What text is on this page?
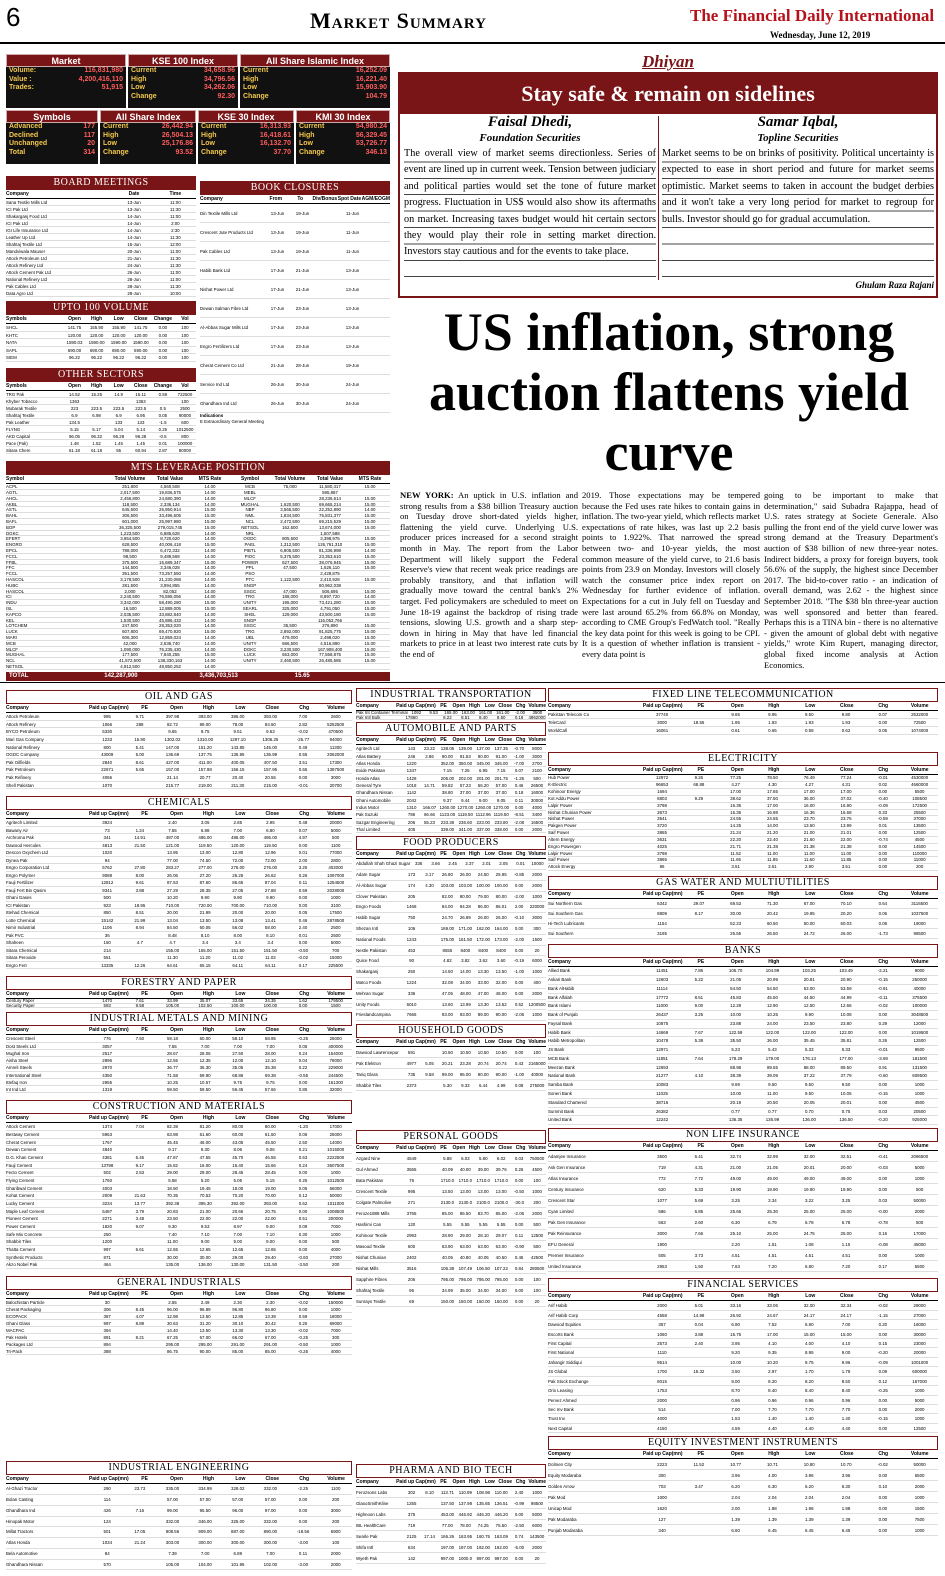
6	Market Summary	The Financial Daily International
Wednesday, June 12, 2019
Market
Volume:	116,831,980
Value :	4,200,416,110
Trades:	51,915
KSE 100 Index
Current	34,658.96
High	34,796.56
Low	34,262.06
Change	92.30
All Share Islamic Index
Current	16,252.09
High	16,221.40
Low	15,903.90
Change	104.79
Symbols
Advanced	177
Declined	117
Unchanged	20
Total	314
All Share Index
Current	26,442.94
High	26,504.13
Low	25,176.86
Change	93.52
KSE 30 Index
Current	16,313.93
High	16,418.61
Low	16,132.70
Change	37.70
KMI 30 Index
Current	54,980.24
High	56,329.45
Low	53,726.77
Change	346.13
BOARD MEETINGS
Company	Date	Time
Sana Textile Mills Ltd	13-Jun	11:00
ICI Pak Ltd	13-Jun	11:30
Shakarganj Food Ltd	14-Jun	11:00
ICI Pak Ltd	14-Jun	2:00
IGI Life Insurance Ltd	14-Jun	2:30
Leather Up Ltd	14-Jun	11:30
Shahtaj Textile Ltd	15-Jun	12:00
Mandviwala Mauser	20-Jun	11:00
Attock Petroleum Ltd	21-Jun	11:30
Attock Refinery Ltd	24-Jun	11:30
Attock Cement Pak Ltd	26-Jun	11:00
National Refinery Ltd	28-Jun	11:00
Pak Cables Ltd	28-Jun	11:30
Data Agro Ltd	28-Jun	10:00
BOOK CLOSURES
Company	From	To	Div/Bonus Spot Date AGM/EOGM
Din Textile Mills Ltd	13-Jun	19-Jun	11-Jun
Crescent Jute Products Ltd	13-Jun	19-Jun	11-Jun
Pak Cables Ltd	13-Jun	19-Jun	11-Jun
Habib Bank Ltd	17-Jun	21-Jun	13-Jun
Nishat Power Ltd	17-Jun	21-Jun	13-Jun
Dewan Salman Fibre Ltd	17-Jun	23-Jun	13-Jun
Al-Abbas Sugar Mills Ltd	17-Jun	23-Jun	13-Jun
Engro Fertilizers Ltd	17-Jun	23-Jun	13-Jun
Cherat Cement Co Ltd	21-Jun	28-Jun	19-Jun
Service Ind Ltd	26-Jun	30-Jun	24-Jun
Ghandhara Ind Ltd	26-Jun	30-Jun	24-Jun
Indications
E Extraordinary General Meeting
UPTO 100 VOLUME
Symbols	Open	High	Low	Close	Change	Vol
SHCL	141.75	155.90	155.90	141.75	0.00	100
KHTC	120.00	120.00	120.00	120.00	0.00	100
NATA	1590.03	1590.00	1590.00	1590.00	0.00	100
SAPL	690.00	690.00	690.00	690.00	0.00	100
SIEM	96.22	96.22	96.22	96.22	0.00	100
OTHER SECTORS
Symbols	Open	High	Low	Close	Change	Vol
TRG Pak	14.52	15.25	14.9	15.11	0.59	722500
Khyber Tobacco	1363	1363	100
Mubarak Textile	223	223.5	223.5	223.5	0.5	2500
Shahtaj Textile	6.9	6.98	6.9	6.95	0.05	90000
Pak Leather	134.5	133	133	-1.5	600
FLYNG	5.15	5.17	5.04	5.14	0.25	1012500
AKD Capital	96.05	96.32	96.28	96.28	-0.5	800
Pace (Pak)	1.48	1.52	1.45	1.45	0.01	100000
Sitara Chem	61.18	61.18	55	60.94	2.87	80000
MTS LEVERAGE POSITION
Symbol	Total Volume	Total Value	MTS Rate	Symbol	Total Volume	Total Value	MTS Rate
ACPL	251,800	4,560,508	14.00	MCB	75,000	11,580,317	15.00
AGTL	2,017,500	19,836,575	14.00	MEBL	595,887
AHCL	2,456,800	24,680,390	14.00	MLCF	28,236,614	15.00
AKBL	118,500	2,336,134	14.00	MUGHAL	1,620,500	69,665,214	15.00
ASTL	645,500	26,950,914	15.00	NBP	3,565,500	22,252,890	14.00
BAHL	306,500	33,496,605	15.00	NML	1,834,500	75,831,377	15.00
BAFL	601,000	25,997,980	15.00	NCL	2,472,500	69,215,529	15.00
BOP	36,325,500	279,015,745	15.00	NETSOL	162,500	13,674,000	15.00
DGKC	1,223,500	6,885,628	14.00	NRL	1,507,588
EFERT	3,954,500	8,720,620	14.00	OGDC	805,500	3,398,975	15.00
ENGRO	628,500	40,006,418	15.00	PAEL	1,312,500	126,761,310	15.00
EPCL	788,000	6,472,332	14.00	PIBTL	6,905,500	81,336,998	14.00
FCCL	98,500	9,489,569	14.00	PIOC	5,375,500	23,353,610	15.00
FFBL	375,500	15,689,347	15.00	POWER	627,500	38,076,945	15.00
FFC	144,500	3,346,028	14.00	PPL	47,500	1,626,110	15.00
FCCL	351,500	73,257,550	14.00	PSO	2,428,875
HASCOL	3,178,500	21,230,088	14.00	PTC	1,122,500	2,410,928	15.00
HUBC	281,500	3,994,855	14.00	SNGP	80,962,038
HASCOL	2,000	82,052	14.00	SSGC	47,000	506,695	15.00
ICI	2,240,500	76,595,056	14.00	TRG	188,000	8,897,720	14.00
INDU	3,342,000	58,490,280	15.00	UNITY	195,000	73,421,280	15.00
ISL	16,500	12,889,005	15.00	SEARL	325,000	4,791,050	15.00
KAPCO	2,035,500	33,882,840	14.00	SHEL	129,000	43,500,180	15.00
KEL	1,530,500	45,886,433	14.00	SNGP	116,053,766
LOTCHEM	247,500	28,353,020	14.00	SSGC	35,500	276,890	15.00
LUCK	607,800	69,470,920	15.00	TRG	2,892,000	91,825,775	15.00
MARI	606,300	12,859,024	14.00	UBL	479,000	2,498,020	15.00
MCB	42,000	2,536,740	14.00	UNITY	686,500	4,516,890	15.00
MLCF	1,090,000	76,235,430	14.00	DGKC	3,230,500	167,908,400	15.00
MUGHAL	177,500	7,840,255	15.00	LUCK	653,000	77,558,875	15.00
NCL	41,572,500	138,330,163	14.00	UNITY	2,460,500	26,485,585	15.00
NETSOL	4,912,500	48,850,252	14.00
TOTAL	142,287,900	3,436,703,513	15.65
Dhiyan
Stay safe & remain on sidelines
Faisal Dhedi,
Foundation Securities
The overall view of market seems directionless. Series of event are lined up in current week. Tension between judiciary and political parties would set the tone of future market progress. Fluctuation in US$ would also show its aftermaths on market. Increasing taxes budget would hit certain sectors they would play their role in setting market direction. Investors stay cautious and for the events to take place.
Samar Iqbal,
Topline Securities
Market seems to be on brinks of positivity. Political uncertainty is expected to ease in short period and future for market seems optimistic. Market seems to taken in account the budget derbies and it won't take a very long period for market to regroup for bulls. Investor should go for gradual accumulation.
Ghulam Raza Rajani
US inflation, strong auction flattens yield curve
NEW YORK: An uptick in U.S. inflation and strong results from a $38 billion Treasury auction on Tuesday drove short-dated yields higher, flattening the yield curve. Underlying U.S. producer prices increased for a second straight month in May. The report from the Labor Department will likely support the Federal Reserve's view that recent weak price readings are probably transitory, and that inflation will gradually move toward the central bank's 2% target. Fed policymakers are scheduled to meet on June 18-19 against the backdrop of rising trade tensions, slowing U.S. growth and a sharp step-down in hiring in May that have led financial markets to price in at least two interest rate cuts by the end of
2019. Those expectations may be tempered because the Fed uses rate hikes to contain gains in inflation. The two-year yield, which reflects market expectations of rate hikes, was last up 2.2 basis points to 1.922%. That narrowed the spread between two- and 10-year yields, the most common measure of the yield curve, to 21.6 basis points from 23.9 on Monday. Investors will closely watch the consumer price index report on Wednesday for further evidence of inflation. Expectations for a cut in July fell on Tuesday and were last around 65.2% from 66.8% on Monday, according to CME Group's FedWatch tool. "Really the key data point for this week is going to be CPI. It is a question of whether inflation is transient - every data point is
going to be important to make that determination," said Subadra Rajappa, head of U.S. rates strategy at Societe Generale. Also pulling the front end of the yield curve lower was strong demand at the Treasury Department's auction of $38 billion of new three-year notes. Indirect bidders, a proxy for foreign buyers, took 56.6% of the supply, the highest since December 2017. The bid-to-cover ratio - an indication of overall demand, was 2.62 - the highest since September 2018. "The $38 bln three-year auction was well sponsored and better than feared. Perhaps this is a TINA bin - there is no alternative - given the amount of global debt with negative yields," wrote Kim Rupert, managing director, global fixed income analysis at Action Economics.
OIL AND GAS
Company	Paid up Cap(mn)	PE	Open	High	Low	Close	Chg	Volume
Attock Petroleum	995	9.71	397.98	393.00	386.00	393.00	7.00	2600
Attock Refinery	1066	288	82.72	89.00	78.00	84.50	2.82	5252500
BYCO Petroleum	5330	9.65	9.75	9.51	9.63	-0.02	470500
Mari Gas Company	1233	15.90	1302.02	1310.00	1297.10	1306.25	-25.77	94000
National Refinery	800	5.41	147.00	151.20	143.85	145.00	0.49	11300
OGDC Company	43009	5.00	136.69	137.75	135.95	136.99	0.55	2062000
Pak Oilfields	2840	8.61	427.00	411.00	400.05	407.50	3.51	17300
Pak Petroleum	22671	5.65	157.00	157.98	156.15	157.95	0.65	1387500
Pak Refinery	4066	21.14	20.77	20.40	20.55	0.00	3000
Shell Pakistan	1070	215.77	219.00	211.30	215.00	-0.01	20700
CHEMICALS
Company	Paid up Cap(mn)	PE	Open	High	Low	Close	Chg	Volume
Agritech Limited	3924	2.40	3.05	2.85	2.95	0.48	20000
Bawany Air	73	1.24	7.55	6.88	7.00	6.80	0.07	5000
Archroma Pak	341	14.91	487.00	486.00	486.00	486.00	4.97	500
Dawood Hercules	4813	21.50	121.00	119.50	120.00	119.50	0.00	1100
Descon Oxychem Ltd	1020	13.95	13.00	12.80	12.96	0.01	77000
Dynea Pak	94	77.00	74.50	72.00	72.00	2.00	2800
Engro Corporation Ltd	5762	27.80	283.27	277.00	276.00	276.00	3.25	402000
Engro Polymer	9088	8.00	26.06	27.20	26.25	26.62	0.26	1097000
Fauji Fertilizer	12812	9.61	87.53	87.60	86.65	87.04	0.11	1254500
Fauji Fert Bin Qasim	9341	3.88	27.29	28.35	27.05	27.88	0.59	2028000
Ghani Gases	500	10.20	9.90	9.90	9.90	0.00	1000
ICI Pakistan	923	18.95	710.00	720.00	700.00	710.00	0.00	3100
Ittehad Chemical	850	8.51	20.00	21.99	20.00	20.00	0.05	17500
Lotte Chemical	15142	21.99	13.04	13.50	13.08	13.41	0.46	2878500
Nimir Industrial	1106	8.94	84.50	60.05	56.02	58.00	2.40	2500
Pak PVC	36	8.48	8.10	8.00	8.10	0.01	2500
Shaheen	150	4.7	4.7	3.4	3.4	3.4	0.00	5000
Sitara Chemical	214	155.00	155.00	151.50	151.50	-0.50	700
Sitara Peroxide	551	11.30	11.20	11.02	11.02	-0.02	15000
Engro Fert	13335	12.26	64.61	65.15	64.11	64.11	0.17	225500
FORESTRY AND PAPER
Company	Paid up Cap(mn)	PE	Open	High	Low	Close	Chg	Volume
Century Paper	1470	7.61	33.99	35.07	33.65	34.35	1.62	179500
Security Paper	593	9.58	105.00	102.50	100.00	100.00	0.00	1500
INDUSTRIAL METALS AND MINING
Company	Paid up Cap(mn)	PE	Open	High	Low	Close	Chg	Volume
Crescent Steel	776	7.50	59.18	60.00	58.10	58.95	-0.25	25000
Dost Steels Ltd	3057	7.55	7.00	7.00	7.00	0.05	400000
Mughal Iron	2517	28.67	28.06	27.50	28.00	0.24	154000
Aisha Steel	2896	12.55	12.35	12.00	12.10	0.04	78000
Amreli Steels	2970	36.77	36.30	35.05	35.38	0.22	229000
International Steel	4350	71.58	69.90	68.86	69.38	-0.55	244500
Ittefaq Iron	2955	10.25	10.57	9.75	9.75	0.00	161300
Int Ind Ltd	1319	59.50	59.50	56.45	57.66	0.85	32000
CONSTRUCTION AND MATERIALS
Company	Paid up Cap(mn)	PE	Open	High	Low	Close	Chg	Volume
Attock Cement	1374	7.04	82.39	81.20	80.00	80.00	-1.20	17000
Bestway Cement	5963	63.98	61.60	60.00	61.50	0.06	25000
Cherat Cement	1767	45.45	46.00	43.05	45.50	2.50	14000
Dewan Cement	4840	9.17	9.30	8.06	9.06	0.21	1015000
D.G. Khan Cement	4381	6.45	47.87	47.55	45.70	46.55	0.63	2222500
Fauji Cement	13798	9.17	15.82	16.00	15.40	15.66	0.24	3607500
Fecto Cement	502	2.53	29.00	29.00	28.45	28.45	0.00	1000
Flying Cement	1760	5.58	5.20	5.05	5.15	0.25	1012500
Gharibwal Cement	4003	18.50	19.45	18.00	19.00	0.05	66000
Kohat Cement	2009	21.63	70.35	70.53	70.20	70.00	0.12	50000
Lucky Cement	3234	13.77	392.38	395.30	392.00	393.00	0.62	1011000
Maple Leaf Cement	5487	3.79	20.83	21.00	20.66	20.75	0.00	1008500
Pioneer Cement	2271	3.48	23.50	22.00	22.00	22.00	0.51	200000
Power Cement	1820	9.07	9.30	9.53	8.97	9.00	0.09	7000
Safe Mix Concrete	250	7.40	7.10	7.00	7.10	0.30	1000
Shabbir Tiles	1200	11.00	9.00	9.00	9.00	0.00	500
Thatta Cement	997	6.61	12.65	12.65	12.65	12.65	0.00	4000
Synthetic Products	871	30.00	30.00	29.00	29.40	-0.60	27000
Akzo Nobel Pak	464	135.00	136.00	130.00	131.50	-3.50	200
GENERAL INDUSTRIALS
Company	Paid up Cap(mn)	PE	Open	High	Low	Close	Chg	Volume
Balochistan Particle	30	2.55	2.49	2.30	2.30	-0.02	150000
Cherat Packaging	306	8.45	96.00	96.89	96.80	96.80	0.00	1000
ECOPACK	387	4.07	12.98	13.50	12.85	13.39	0.59	18000
Ghani Glass	997	8.89	30.63	31.20	30.10	30.42	0.25	69000
MACPAC	394	14.40	13.50	13.30	13.30	-0.02	7000
Pak Hotels	891	8.21	67.25	67.00	66.02	67.00	-0.25	300
Packages Ltd	894	295.00	295.00	291.00	291.00	-0.50	1000
Tri-Pack	388	86.75	90.00	85.00	85.00	-0.25	4000
INDUSTRIAL ENGINEERING
Company	Paid up Cap(mn)	PE	Open	High	Low	Close	Chg	Volume
Al-Ghazi Tractor	290	23.73	335.00	334.99	328.02	332.00	-2.25	1100
Bolan Casting	114	57.00	57.00	57.00	57.00	0.00	200
Ghandhara Ind	426	7.16	99.00	95.50	96.00	97.00	0.00	3000
Hinopak Motor	124	332.00	346.00	325.00	332.00	0.00	200
Millat Tractors	501	17.05	908.56	909.00	887.00	890.00	-18.56	6900
Atlas Honda	1034	21.24	303.00	300.00	300.00	300.00	-3.00	100
Bela Automotive	84	7.39	7.00	6.89	7.00	0.11	2000
Ghandhara Nissan	570	105.00	104.00	101.95	102.00	-3.00	2000
INDUSTRIAL TRANSPORTATION
Company	Paid up Cap(mn) PE	Open High Low Close Chg Volume
Pak Int Container Terminal 1092	9.53	165.00 163.00 161.00 161.00	-2.00	3500
Pak Intl Bulk	17860	8.22	8.51	8.40	8.50	0.18	4962000
AUTOMOBILE AND PARTS
Company	Paid up Cap(mn) PE	Open High Low Close Chg Volume
Agritech Ltd	143	23.22	138.05	139.00	137.00	137.35	-0.70	8000
Atlas Battery	246	2.86	90.00	91.53	90.00	91.00	-1.00	3000
Atlas Honda	1220	352.00	350.00	345.00	345.00	-7.00	2700
Exide Pakistan	1347	7.15	7.25	6.95	7.15	0.07	2100
Honda Atlas	1428	205.00	202.00	201.00	201.75	-1.25	500
General Tyre	1018	14.71	59.82	57.23	56.20	57.00	0.46	26500
Ghandhara Nissan	1142	38.80	37.00	37.00	37.00	0.18	16000
Ghani Automobile	2042	9.37	9.44	9.00	9.05	0.11	30000
Indus Motor	1310	166.07 1260.00 1270.00 1260.00 1270.00	0.00	4000
Pak Suzuki	786	66.66	1123.00 1119.50 1112.96 1119.50	-8.51	3400
Sazgar Engineering	206	55.23	233.38	236.60	223.00	233.80	-2.08	16500
Thal Limited	405	339.00	341.00	337.00	338.00	0.00	2000
FOOD PRODUCERS
Company	Paid up Cap(mn) PE	Open High Low Close Chg Volume
Abdullah Shah Ghazi Sugar	336	3.66	2.45	2.37	2.01	2.05	0.01	10000
Adam Sugar	173	3.17	26.80	26.00	24.50	25.95	-0.85	2000
Al-Abbas Sugar	174	4.30	103.00	103.00	100.00	100.00	0.00	2000
Clover Pakistan	205	82.00	80.00	79.00	80.00	-2.00	1000
Engro Foods	1468	84.00	84.28	86.00	86.01	2.00	220000
Habib Sugar	750	24.70	26.99	26.00	26.00	-0.10	3000
Shezan Intl	106	169.00	171.00	162.00	164.00	0.00	300
National Foods	1243	175.00	161.50	172.00	173.00	-2.00	1500
Nestle Pakistan	453	8555	8400	8400	8400	0.00	20
Quice Food	90	4.82	3.82	3.62	3.60	-0.19	6000
Shakarganj	250	14.50	14.00	13.30	13.50	-1.00	1000
Matco Foods	1224	32.08	34.00	33.00	32.00	0.00	400
Mehran Sugar	336	47.05	48.00	47.00	48.00	0.00	2000
Unity Foods	6010	13.60	13.99	13.30	13.52	0.52	1200500
Frieslandcampina	7666	93.00	93.00	89.00	90.00	-2.06	1000
HOUSEHOLD GOODS
Company	Paid up Cap(mn) PE	Open High Low Close Chg Volume
Dawood Lawrencepur	591	10.50	10.50	10.50	10.50	0.00	100
Pak Elektron	4977	5.05	20.21	23.28	20.74	20.74	0.43	2165000
Tariq Glass	735	9.58	99.00	95.00	90.00	90.00	-1.00	40000
Shabbir Tiles	2373	5.30	9.33	6.44	4.99	0.08	275000
PERSONAL GOODS
Company	Paid up Cap(mn) PE	Open High Low Close Chg Volume
Azgard Nine	4549	5.88	6.03	5.80	6.02	0.03	750500
Gul Ahmed	3565	40.09	40.00	39.00	39.76	0.26	4500
Bata Pakistan	76	1710.0	1710.0	1710.0	1710.0	0.00	100
Crescent Textile	995	13.50	13.00	13.00	13.00	-0.50	1000
Colgate Palmolive	271	2130.0	2130.0	2100.0	2100.0	-30.0	200
Feroze1888 Mills	3765	85.00	85.50	83.70	85.00	-2.06	2000
Hashimi Can	120	5.55	5.55	5.55	5.55	0.00	500
Kohinoor Textile	2993	28.90	29.00	28.10	29.07	0.11	12500
Masood Textile	600	63.90	63.00	63.00	63.00	-0.90	500
Nishat Chunian	2402	40.05	40.80	40.05	40.50	0.45	42500
Nishat Mills	3516	106.38	107.49	106.50	107.22	0.84	280500
Sapphire Fibres	206	795.00	795.00	795.00	795.00	0.00	100
Shahtaj Textile	96	34.99	35.00	34.00	34.00	0.00	100
Sunrays Textile	69	150.00	150.00	150.00	150.00	0.00	20
PHARMA AND BIO TECH
Company	Paid up Cap(mn) PE	Open High Low Close Chg Volume
Ferozsons Labs	302	8.10	113.71	110.99	108.98	110.00	2.40	1000
GlaxoSmithKline	1255	137.50	137.98	135.65	136.51	-0.99	98500
Highnoon Labs	375	453.00	446.92	446.20	446.20	0.00	5000
IBL HealthCare	719	77.00	78.00	74.25	75.50	-2.50	6000
Searle Pak	2125	17.14	166.26	163.95	160.75	163.09	0.74	143500
Shifa Intl	634	197.00	197.00	192.00	192.00	-5.00	2000
Wyeth Pak	142	997.00	1000.0	997.00	997.00	0.00	20
FIXED LINE TELECOMMUNICATION
Company	Paid up Cap(mn)	PE	Open	High	Low	Close	Chg	Volume
Pakistan Telecom Co	37740	9.65	9.95	9.50	9.80	0.07	2532000
TeleCard	3000	18.55	1.95	1.93	1.93	1.93	0.00	72500
WorldCall	16061	0.61	0.65	0.58	0.62	0.05	1074000
ELECTRICITY
Company	Paid up Cap(mn)	PE	Open	High	Low	Close	Chg	Volume
Hub Power	12972	9.26	77.25	78.50	76.49	77.24	-0.01	4530000
K-Electric	96653	68.88	4.27	4.30	4.27	4.31	0.02	4660000
Kohinoor Energy	1694	17.00	17.65	17.00	17.00	0.00	5500
Kot Addu Power	8803	9.29	38.62	37.50	36.00	37.02	-0.40	108500
Lalpir Power	3798	16.35	17.00	16.00	16.90	-0.09	172500
Nishat Chunian Power	3673	16.35	16.98	16.36	16.68	0.33	25500
Nishat Power	3541	24.55	24.55	23.70	23.76	-0.59	37000
Pakgen Power	3720	14.25	14.00	13.50	13.99	0.01	13500
Saif Power	3865	21.24	21.20	21.00	21.01	0.00	12500
Altern Energy	3631	22.20	22.40	21.60	22.00	-0.74	4500
Engro Powergen	4025	21.71	21.38	21.38	21.38	0.00	14500
Lalpir Power	3798	11.52	11.00	11.00	11.00	0.00	110000
Saif Power	3865	11.65	11.85	11.60	11.85	0.00	11000
Attock Energy	86	3.51	3.51	2.90	3.51	0.00	200
GAS WATER AND MULTIUTILITIES
Company	Paid up Cap(mn)	PE	Open	High	Low	Close	Chg	Volume
Sui Northern Gas	6342	29.07	69.53	71.30	67.00	70.10	0.64	3116500
Sui Southern Gas	8809	8.17	30.00	20.42	19.95	20.20	0.06	1037500
Hi-Tech Lubricants	1154	52.23	60.50	50.00	60.03	0.06	19000
Sui Southern	3195	26.55	26.50	24.72	26.00	-1.73	98500
BANKS
Company	Paid up Cap(mn)	PE	Open	High	Low	Close	Chg	Volume
Allied Bank	11451	7.86	105.70	104.99	103.25	103.49	-2.21	9000
Askari Bank	12603	5.22	21.05	20.99	20.81	20.90	-0.15	250000
Bank AlHabib	11114	54.50	54.50	53.00	53.59	-0.91	40000
Bank Alfalah	17772	8.51	45.83	45.50	44.50	44.99	-0.11	375500
Bank Islami	11000	9.00	12.28	12.90	12.50	12.66	-0.02	100000
Bank of Punjab	26437	3.25	10.00	10.25	9.90	10.08	0.00	3048500
Faysal Bank	10875	23.88	24.00	23.50	23.80	0.29	12000
Habib Bank	14669	7.67	122.59	122.00	122.00	122.00	0.00	1019500
Habib Metropolitan	10478	5.38	35.50	36.00	35.45	35.81	0.26	12500
JS Bank	12971	5.23	5.43	5.33	5.33	-0.01	9500
MCB Bank	11851	7.64	178.29	179.00	176.13	177.00	-3.69	181500
Meezan Bank	12693	88.98	89.55	88.00	89.50	0.91	131500
National Bank	21277	4.10	38.39	39.09	37.22	37.79	-0.60	609500
Samba Bank	10083	9.69	9.50	9.50	9.50	0.00	1000
Soneri Bank	11025	10.00	11.00	9.50	10.05	-0.15	1000
Standard Chartered	38716	20.19	20.50	20.05	20.01	0.00	4500
Summit Bank	26382	0.77	0.77	0.70	0.75	0.03	20500
United Bank	12242	136.35	136.99	136.00	136.50	-0.20	925000
NON LIFE INSURANCE
Company	Paid up Cap(mn)	PE	Open	High	Low	Close	Chg	Volume
Adamjee Insurance	3500	6.41	32.74	32.99	32.00	32.51	-0.41	2096500
Ask Gen Insurance	719	4.31	21.00	21.05	20.01	20.00	-0.03	5000
Atlas Insurance	772	7.72	49.00	49.00	49.00	49.00	0.00	1000
Century Insurance	620	5.33	19.90	19.90	19.90	19.90	0.00	500
Crescent Star	1077	5.69	3.25	3.34	3.22	3.25	0.03	50000
Cyan Limited	586	6.85	25.66	25.30	25.00	25.00	-0.00	2000
Pak Gen Insurance	563	2.60	6.30	6.79	6.78	6.78	-0.78	500
Pak Reinsurance	3000	7.66	25.10	25.00	24.75	25.00	0.16	17000
EFU General	1900	2.20	1.51	1.08	1.15	-0.08	45000
Premier Insurance	505	3.73	4.51	4.51	4.51	4.51	0.00	1000
United Insurance	2953	1.50	7.63	7.20	6.80	7.20	0.17	5500
FINANCIAL SERVICES
Company	Paid up Cap(mn)	PE	Open	High	Low	Close	Chg	Volume
Arif Habib	2000	5.01	33.16	33.06	32.00	32.34	-0.02	29000
Arif Habib Corp	4558	14.98	26.92	24.67	24.17	24.17	-1.15	27000
Dawood Equities	357	0.04	6.90	7.52	6.90	7.00	0.20	16000
Escorts Bank	1060	3.88	15.75	17.00	15.00	15.00	0.00	30000
First Capital	2573	2.40	3.95	4.10	4.00	4.10	0.15	23000
First National	1110	9.20	9.35	8.95	9.00	-0.20	20000
Jahangir Siddiqui	9514	10.00	10.20	9.75	9.96	-0.09	1001000
JS Global	1700	15.32	3.50	2.97	1.70	1.79	0.09	600000
Pak Stock Exchange	8015	9.00	8.20	8.20	8.50	0.12	167000
Orix Leasing	1753	8.70	8.40	8.40	8.40	-0.25	1000
Pervez Ahmed	2000	0.96	0.96	0.96	0.96	0.00	5000
Sec Inv Bank	514	7.00	7.70	7.70	7.70	0.00	2000
Trust Inv	4000	1.53	1.40	1.40	1.40	-0.15	1000
Next Capital	4150	4.59	4.40	4.40	4.40	0.00	12500
EQUITY INVESTMENT INSTRUMENTS
Company	Paid up Cap(mn)	PE	Open	High	Low	Close	Chg	Volume
Dolmen City	2223	11.52	10.77	10.71	10.80	10.70	-0.02	50000
Equity Modaraba	300	3.96	4.00	3.96	3.96	0.00	6500
Golden Arrow	703	3.47	6.20	6.30	6.20	6.30	0.10	2000
Pak Mod	1000	2.04	2.04	2.04	2.04	0.00	1000
Unicap Mod	1620	2.00	1.98	1.98	1.98	0.00	1500
Pak Modaraba	127	1.39	1.39	1.39	1.39	0.00	7500
Punjab Modaraba	340	6.60	6.45	6.45	6.45	0.00	1000
